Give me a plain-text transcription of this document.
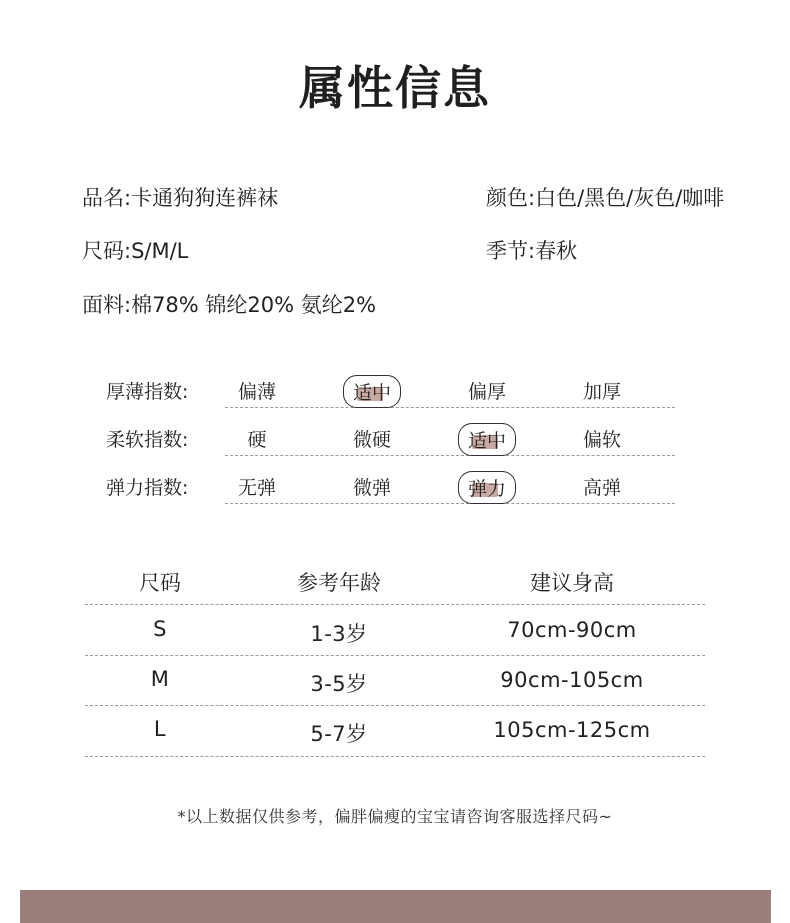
属性信息
品名:卡通狗狗连裤袜	颜色:白色/黑色/灰色/咖啡
尺码:S/M/L	季节:春秋
面料:棉78% 锦纶20% 氨纶2%
厚薄指数:	偏薄	适中	偏厚	加厚
柔软指数:	硬	微硬	适中	偏软
弹力指数:	无弹	微弹	弹力	高弹
尺码	参考年龄	建议身高
S	1-3岁	70cm-90cm
M	3-5岁	90cm-105cm
L	5-7岁	105cm-125cm
*以上数据仅供参考，偏胖偏瘦的宝宝请咨询客服选择尺码~
